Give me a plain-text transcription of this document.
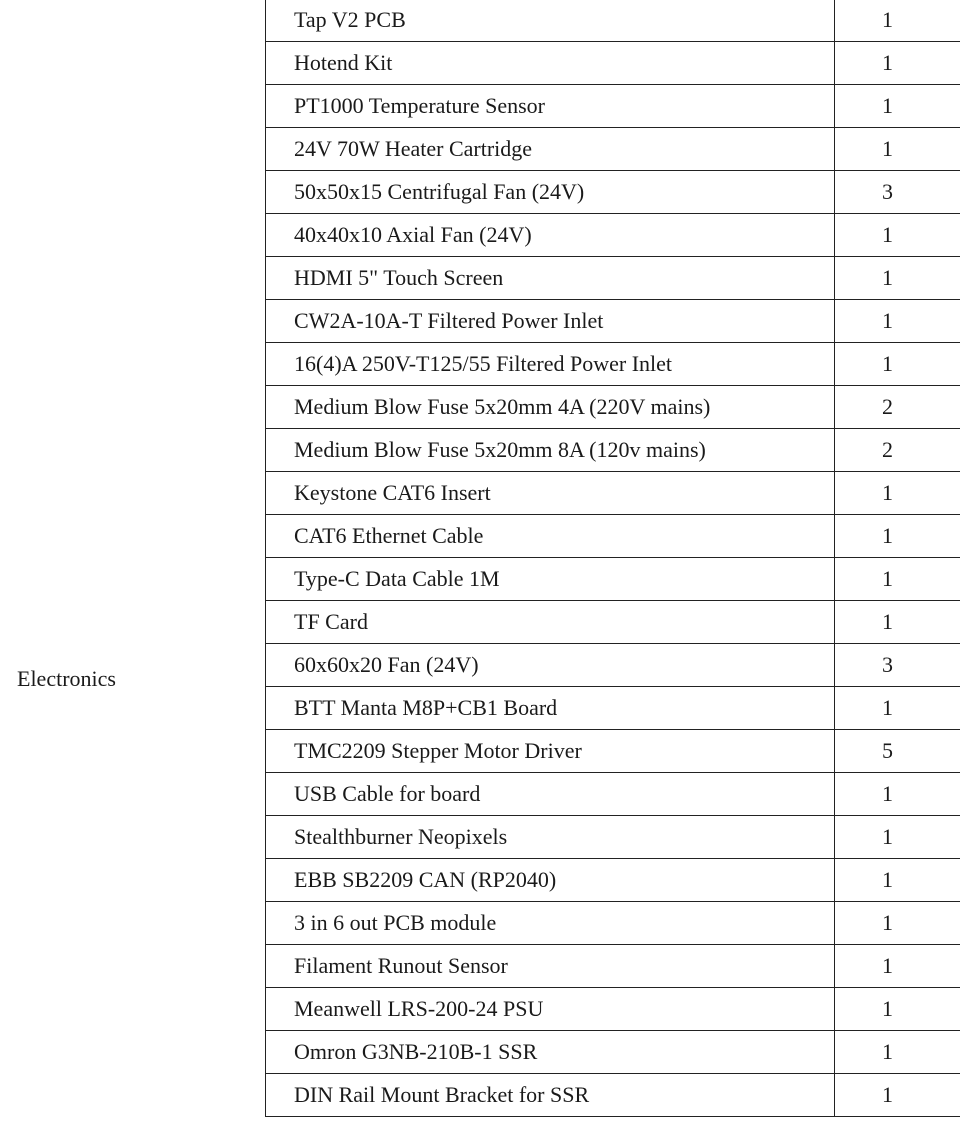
Electronics
Tap V2 PCB	1
Hotend Kit	1
PT1000 Temperature Sensor	1
24V 70W Heater Cartridge	1
50x50x15 Centrifugal Fan (24V)	3
40x40x10 Axial Fan (24V)	1
HDMI 5" Touch Screen	1
CW2A-10A-T Filtered Power Inlet	1
16(4)A 250V-T125/55 Filtered Power Inlet	1
Medium Blow Fuse 5x20mm 4A (220V mains)	2
Medium Blow Fuse 5x20mm 8A (120v mains)	2
Keystone CAT6 Insert	1
CAT6 Ethernet Cable	1
Type-C Data Cable 1M	1
TF Card	1
60x60x20 Fan (24V)	3
BTT Manta M8P+CB1 Board	1
TMC2209 Stepper Motor Driver	5
USB Cable for board	1
Stealthburner Neopixels	1
EBB SB2209 CAN (RP2040)	1
3 in 6 out PCB module	1
Filament Runout Sensor	1
Meanwell LRS-200-24 PSU	1
Omron G3NB-210B-1 SSR	1
DIN Rail Mount Bracket for SSR	1
